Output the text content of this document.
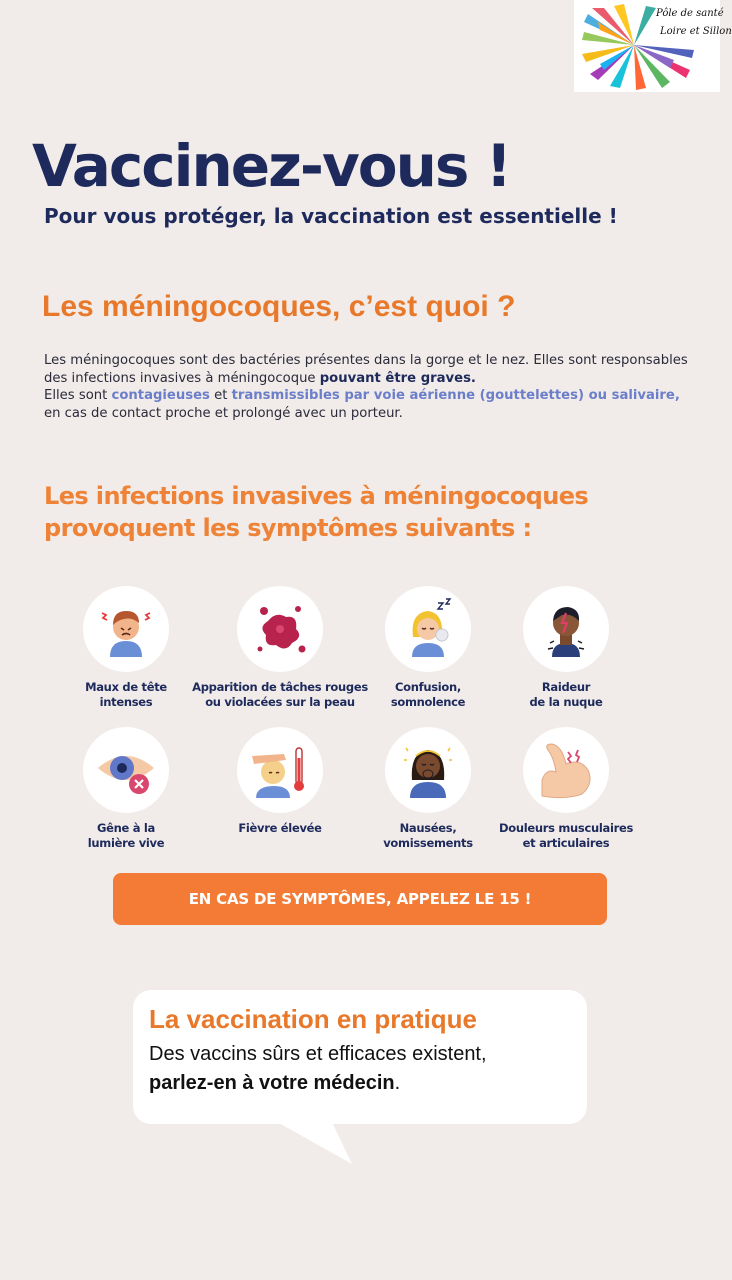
Pôle de santé
Loire et Sillon
Vaccinez-vous !
Pour vous protéger, la vaccination est essentielle !
Les méningocoques, c’est quoi ?
Les méningocoques sont des bactéries présentes dans la gorge et le nez. Elles sont responsables des infections invasives à méningocoque pouvant être graves.
Elles sont contagieuses et transmissibles par voie aérienne (gouttelettes) ou salivaire,
en cas de contact proche et prolongé avec un porteur.
Les infections invasives à méningocoques
provoquent les symptômes suivants :
Maux de tête
intenses
Apparition de tâches rouges
ou violacées sur la peau
Confusion,
somnolence
Raideur
de la nuque
Gêne à la
lumière vive
Fièvre élevée	Nausées,
vomissements
Douleurs musculaires
et articulaires
EN CAS DE SYMPTÔMES, APPELEZ LE 15 !
La vaccination en pratique
Des vaccins sûrs et efficaces existent,
parlez-en à votre médecin.
